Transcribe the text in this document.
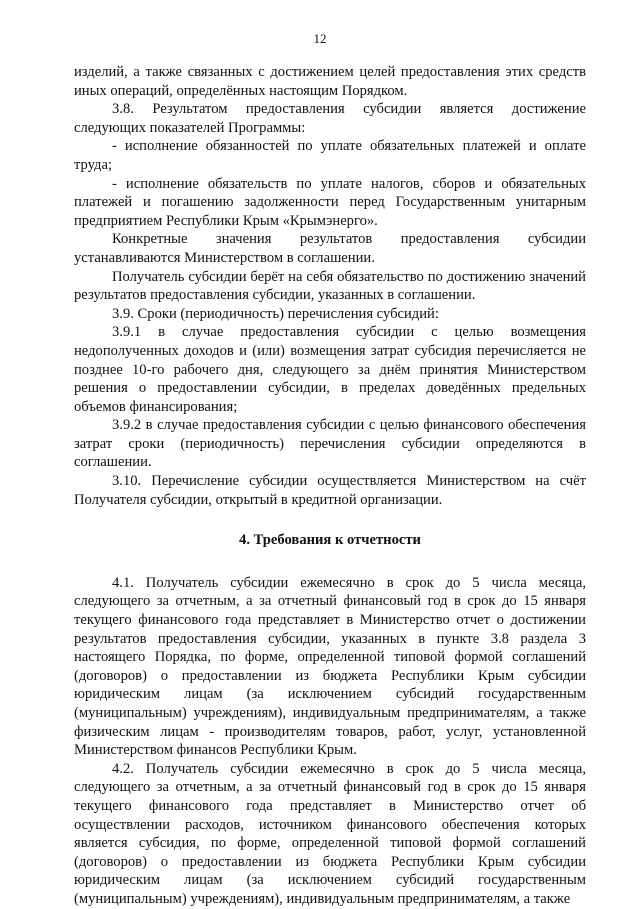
12

изделий, а также связанных с достижением целей предоставления этих средств иных операций, определённых настоящим Порядком.

3.8. Результатом предоставления субсидии является достижение следующих показателей Программы:

- исполнение обязанностей по уплате обязательных платежей и оплате труда;

- исполнение обязательств по уплате налогов, сборов и обязательных платежей и погашению задолженности перед Государственным унитарным предприятием Республики Крым «Крымэнерго».

Конкретные значения результатов предоставления субсидии устанавливаются Министерством в соглашении.

Получатель субсидии берёт на себя обязательство по достижению значений результатов предоставления субсидии, указанных в соглашении.

3.9. Сроки (периодичность) перечисления субсидий:

3.9.1 в случае предоставления субсидии с целью возмещения недополученных доходов и (или) возмещения затрат субсидия перечисляется не позднее 10-го рабочего дня, следующего за днём принятия Министерством решения о предоставлении субсидии, в пределах доведённых предельных объемов финансирования;

3.9.2 в случае предоставления субсидии с целью финансового обеспечения затрат сроки (периодичность) перечисления субсидии определяются в соглашении.

3.10. Перечисление субсидии осуществляется Министерством на счёт Получателя субсидии, открытый в кредитной организации.

4. Требования к отчетности

4.1. Получатель субсидии ежемесячно в срок до 5 числа месяца, следующего за отчетным, а за отчетный финансовый год в срок до 15 января текущего финансового года представляет в Министерство отчет о достижении результатов предоставления субсидии, указанных в пункте 3.8 раздела 3 настоящего Порядка, по форме, определенной типовой формой соглашений (договоров) о предоставлении из бюджета Республики Крым субсидии юридическим лицам (за исключением субсидий государственным (муниципальным) учреждениям), индивидуальным предпринимателям, а также физическим лицам - производителям товаров, работ, услуг, установленной Министерством финансов Республики Крым.

4.2. Получатель субсидии ежемесячно в срок до 5 числа месяца, следующего за отчетным, а за отчетный финансовый год в срок до 15 января текущего финансового года представляет в Министерство отчет об осуществлении расходов, источником финансового обеспечения которых является субсидия, по форме, определенной типовой формой соглашений (договоров) о предоставлении из бюджета Республики Крым субсидии юридическим лицам (за исключением субсидий государственным (муниципальным) учреждениям), индивидуальным предпринимателям, а также
